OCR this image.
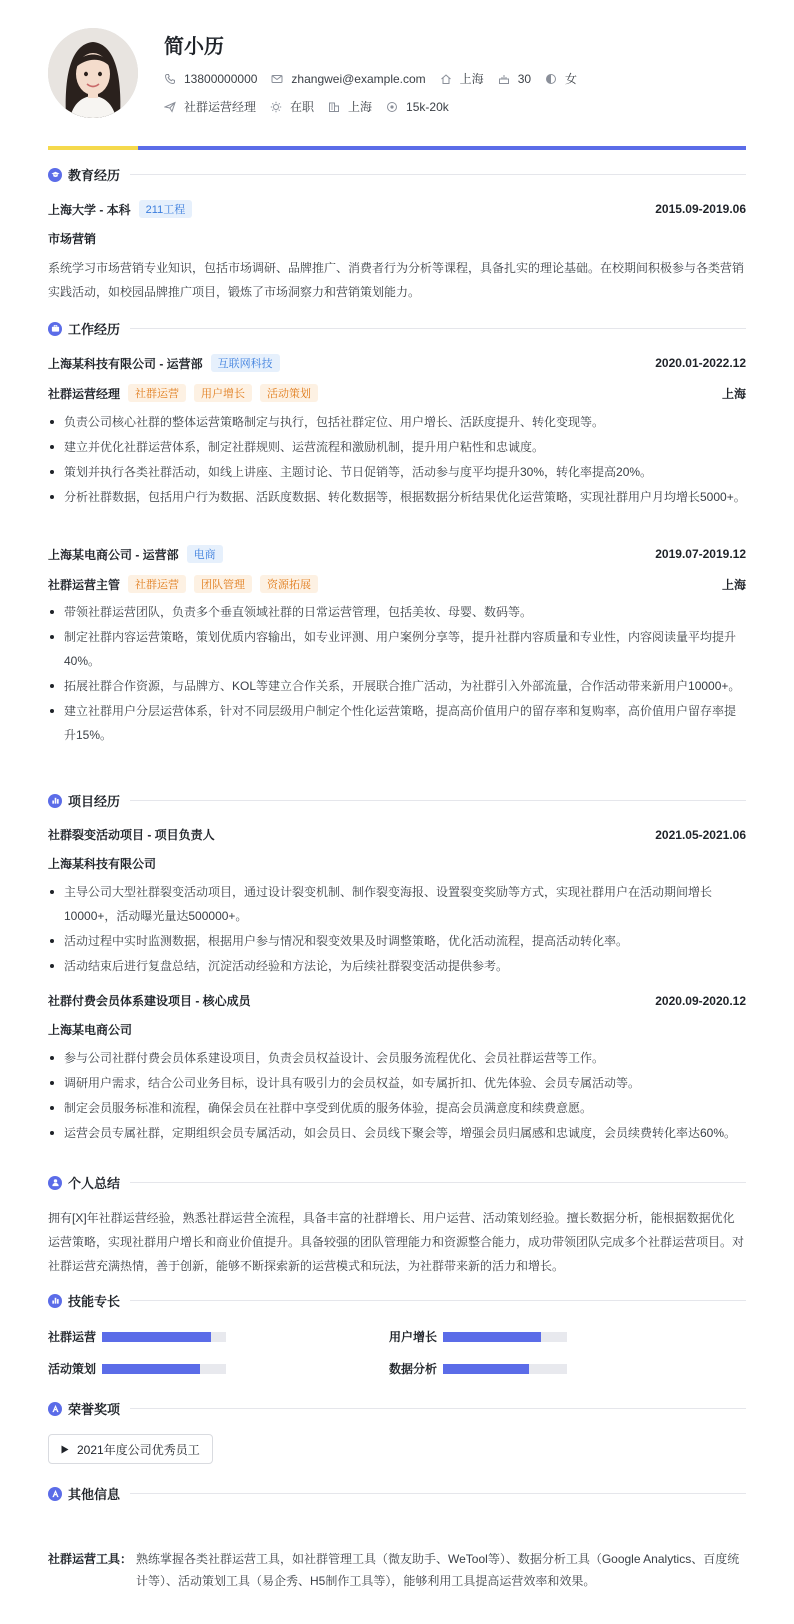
简小历
13800000000	zhangwei@example.com	上海	30	女
社群运营经理	在职	上海	15k-20k
教育经历
上海大学 - 本科	211工程	2015.09-2019.06
市场营销
系统学习市场营销专业知识，包括市场调研、品牌推广、消费者行为分析等课程，具备扎实的理论基础。在校期间积极参与各类营销实践活动，如校园品牌推广项目，锻炼了市场洞察力和营销策划能力。
工作经历
上海某科技有限公司 - 运营部	互联网科技	2020.01-2022.12
社群运营经理	社群运营	用户增长	活动策划	上海
负责公司核心社群的整体运营策略制定与执行，包括社群定位、用户增长、活跃度提升、转化变现等。
建立并优化社群运营体系，制定社群规则、运营流程和激励机制，提升用户粘性和忠诚度。
策划并执行各类社群活动，如线上讲座、主题讨论、节日促销等，活动参与度平均提升30%，转化率提高20%。
分析社群数据，包括用户行为数据、活跃度数据、转化数据等，根据数据分析结果优化运营策略，实现社群用户月均增长5000+。
上海某电商公司 - 运营部	电商	2019.07-2019.12
社群运营主管	社群运营	团队管理	资源拓展	上海
带领社群运营团队，负责多个垂直领域社群的日常运营管理，包括美妆、母婴、数码等。
制定社群内容运营策略，策划优质内容输出，如专业评测、用户案例分享等，提升社群内容质量和专业性，内容阅读量平均提升40%。
拓展社群合作资源，与品牌方、KOL等建立合作关系，开展联合推广活动，为社群引入外部流量，合作活动带来新用户10000+。
建立社群用户分层运营体系，针对不同层级用户制定个性化运营策略，提高高价值用户的留存率和复购率，高价值用户留存率提升15%。
项目经历
社群裂变活动项目 - 项目负责人	2021.05-2021.06
上海某科技有限公司
主导公司大型社群裂变活动项目，通过设计裂变机制、制作裂变海报、设置裂变奖励等方式，实现社群用户在活动期间增长10000+，活动曝光量达500000+。
活动过程中实时监测数据，根据用户参与情况和裂变效果及时调整策略，优化活动流程，提高活动转化率。
活动结束后进行复盘总结，沉淀活动经验和方法论，为后续社群裂变活动提供参考。
社群付费会员体系建设项目 - 核心成员	2020.09-2020.12
上海某电商公司
参与公司社群付费会员体系建设项目，负责会员权益设计、会员服务流程优化、会员社群运营等工作。
调研用户需求，结合公司业务目标，设计具有吸引力的会员权益，如专属折扣、优先体验、会员专属活动等。
制定会员服务标准和流程，确保会员在社群中享受到优质的服务体验，提高会员满意度和续费意愿。
运营会员专属社群，定期组织会员专属活动，如会员日、会员线下聚会等，增强会员归属感和忠诚度，会员续费转化率达60%。
个人总结
拥有[X]年社群运营经验，熟悉社群运营全流程，具备丰富的社群增长、用户运营、活动策划经验。擅长数据分析，能根据数据优化运营策略，实现社群用户增长和商业价值提升。具备较强的团队管理能力和资源整合能力，成功带领团队完成多个社群运营项目。对社群运营充满热情，善于创新，能够不断探索新的运营模式和玩法，为社群带来新的活力和增长。
技能专长
社群运营	用户增长
活动策划	数据分析
荣誉奖项
2021年度公司优秀员工
其他信息
社群运营工具： 熟练掌握各类社群运营工具，如社群管理工具（微友助手、WeTool等）、数据分析工具（Google Analytics、百度统计等）、活动策划工具（易企秀、H5制作工具等），能够利用工具提高运营效率和效果。
